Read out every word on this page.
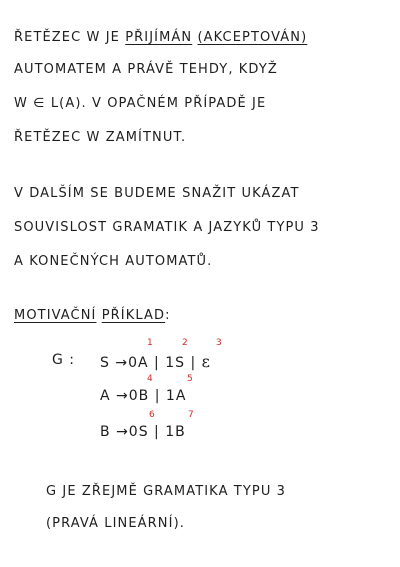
ŘETĚZEC W JE PŘIJÍMÁN (AKCEPTOVÁN)
AUTOMATEM A PRÁVĚ TEHDY, KDYŽ
W ∈ L(A). V OPAČNÉM PŘÍPADĚ JE
ŘETĚZEC W ZAMÍTNUT.
V DALŠÍM SE BUDEME SNAŽIT UKÁZAT
SOUVISLOST GRAMATIK A JAZYKŮ TYPU 3
A KONEČNÝCH AUTOMATŮ.
MOTIVAČNÍ PŘÍKLAD:
G : S →0A | 1S | ε
1	2	3
A →0B | 1A
4	5
B →0S | 1B
6	7
G JE ZŘEJMĚ GRAMATIKA TYPU 3
(PRAVÁ LINEÁRNÍ).
